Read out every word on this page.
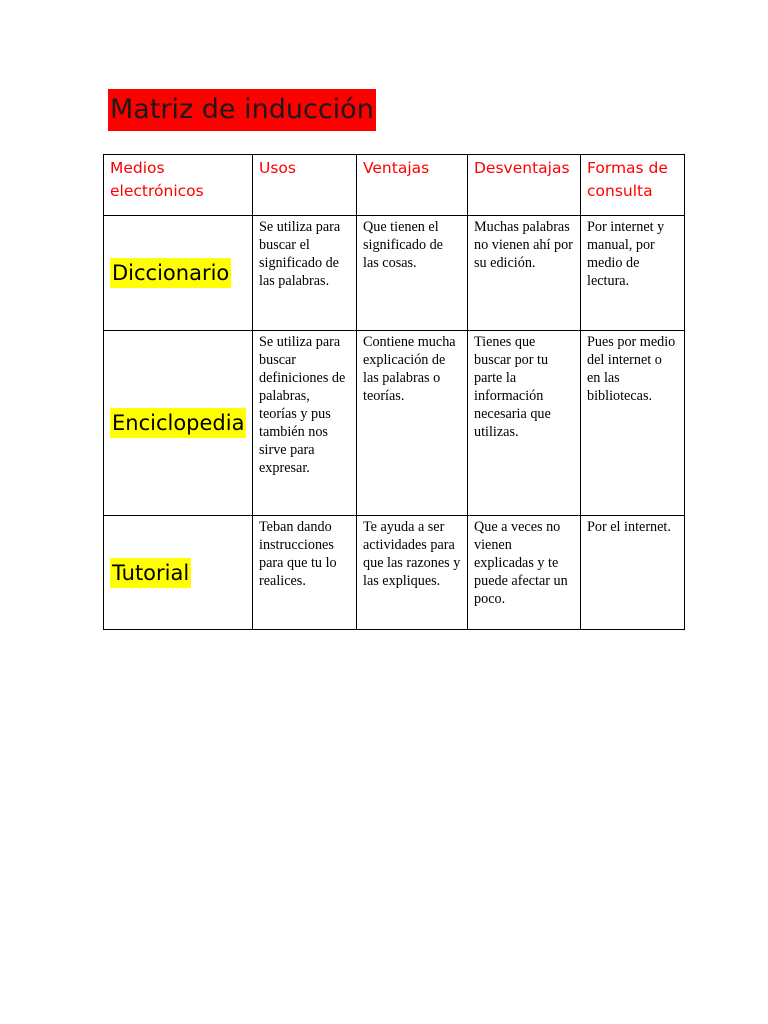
Matriz de inducción
Medios electrónicos	Usos	Ventajas	Desventajas	Formas de consulta
Diccionario	Se utiliza para buscar el significado de las palabras.	Que tienen el significado de las cosas.	Muchas palabras no vienen ahí por su edición.	Por internet y manual, por medio de lectura.
Enciclopedia	Se utiliza para buscar definiciones de palabras, teorías y pus también nos sirve para expresar.	Contiene mucha explicación de las palabras o teorías.	Tienes que buscar por tu parte la información necesaria que utilizas.	Pues por medio del internet o en las bibliotecas.
Tutorial	Teban dando instrucciones para que tu lo realices.	Te ayuda a ser actividades para que las razones y las expliques.	Que a veces no vienen explicadas y te puede afectar un poco.	Por el internet.
